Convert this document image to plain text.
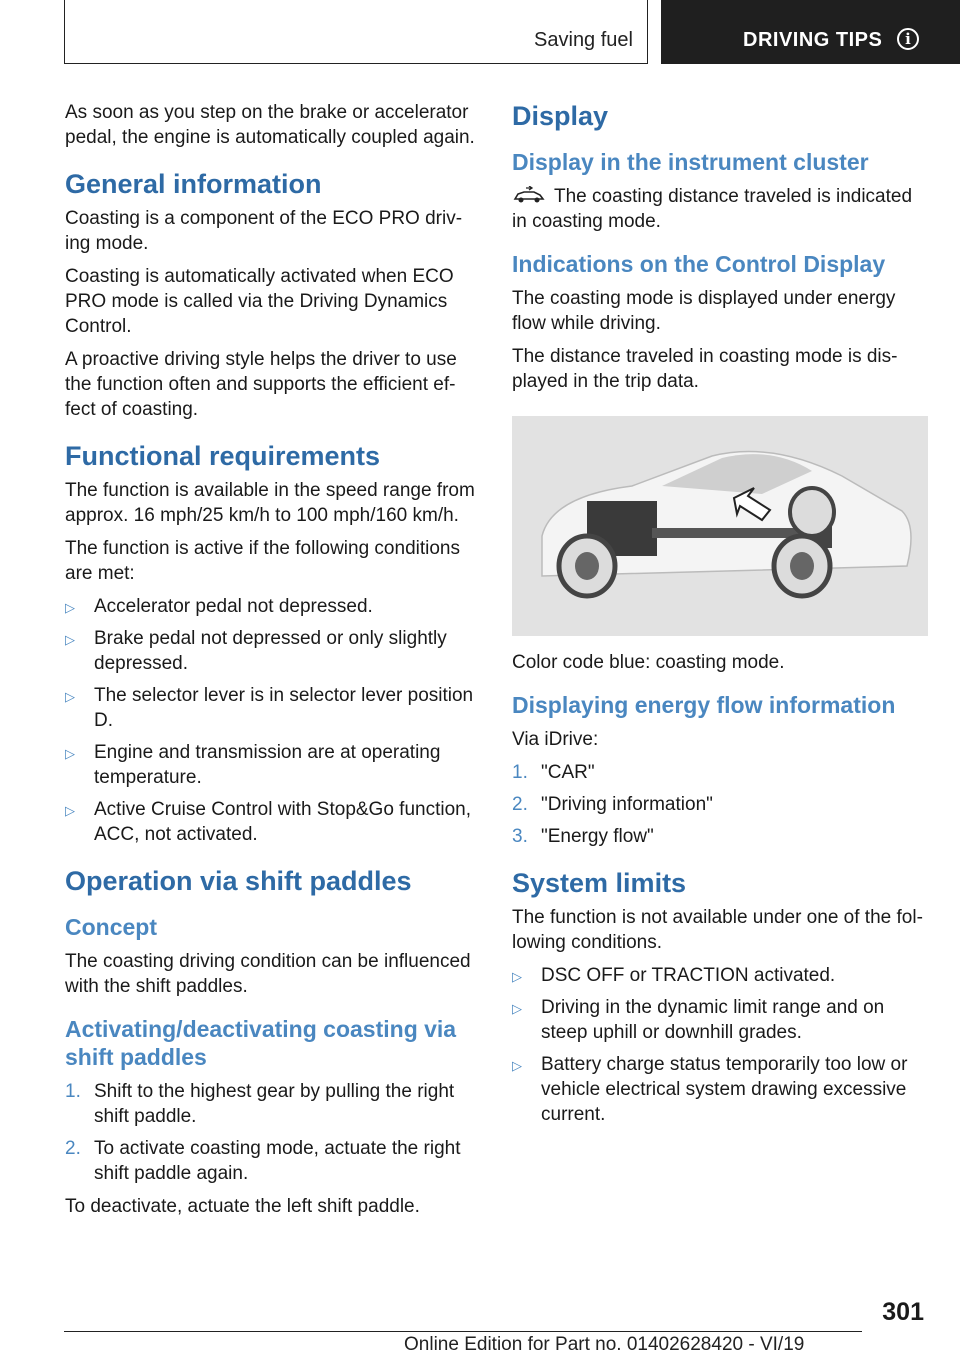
Saving fuel	DRIVING TIPS	i

As soon as you step on the brake or accelerator pedal, the engine is automatically coupled again.

General information

Coasting is a component of the ECO PRO driving mode.

Coasting is automatically activated when ECO PRO mode is called via the Driving Dynamics Control.

A proactive driving style helps the driver to use the function often and supports the efficient effect of coasting.

Functional requirements

The function is available in the speed range from approx. 16 mph/25 km/h to 100 mph/160 km/h.

The function is active if the following conditions are met:

▷ Accelerator pedal not depressed.
▷ Brake pedal not depressed or only slightly depressed.
▷ The selector lever is in selector lever position D.
▷ Engine and transmission are at operating temperature.
▷ Active Cruise Control with Stop&Go function, ACC, not activated.
Operation via shift paddles
Concept

The coasting driving condition can be influenced with the shift paddles.

Activating/deactivating coasting via shift paddles
1. Shift to the highest gear by pulling the right shift paddle.
2. To activate coasting mode, actuate the right shift paddle again.

To deactivate, actuate the left shift paddle.

Display
Display in the instrument cluster

The coasting distance traveled is indicated in coasting mode.

Indications on the Control Display

The coasting mode is displayed under energy flow while driving.

The distance traveled in coasting mode is displayed in the trip data.

Color code blue: coasting mode.

Displaying energy flow information

Via iDrive:

1. "CAR"
2. "Driving information"
3. "Energy flow"
System limits

The function is not available under one of the following conditions.

▷ DSC OFF or TRACTION activated.
▷ Driving in the dynamic limit range and on steep uphill or downhill grades.
▷ Battery charge status temporarily too low or vehicle electrical system drawing excessive current.
301
Online Edition for Part no. 01402628420 - VI/19
